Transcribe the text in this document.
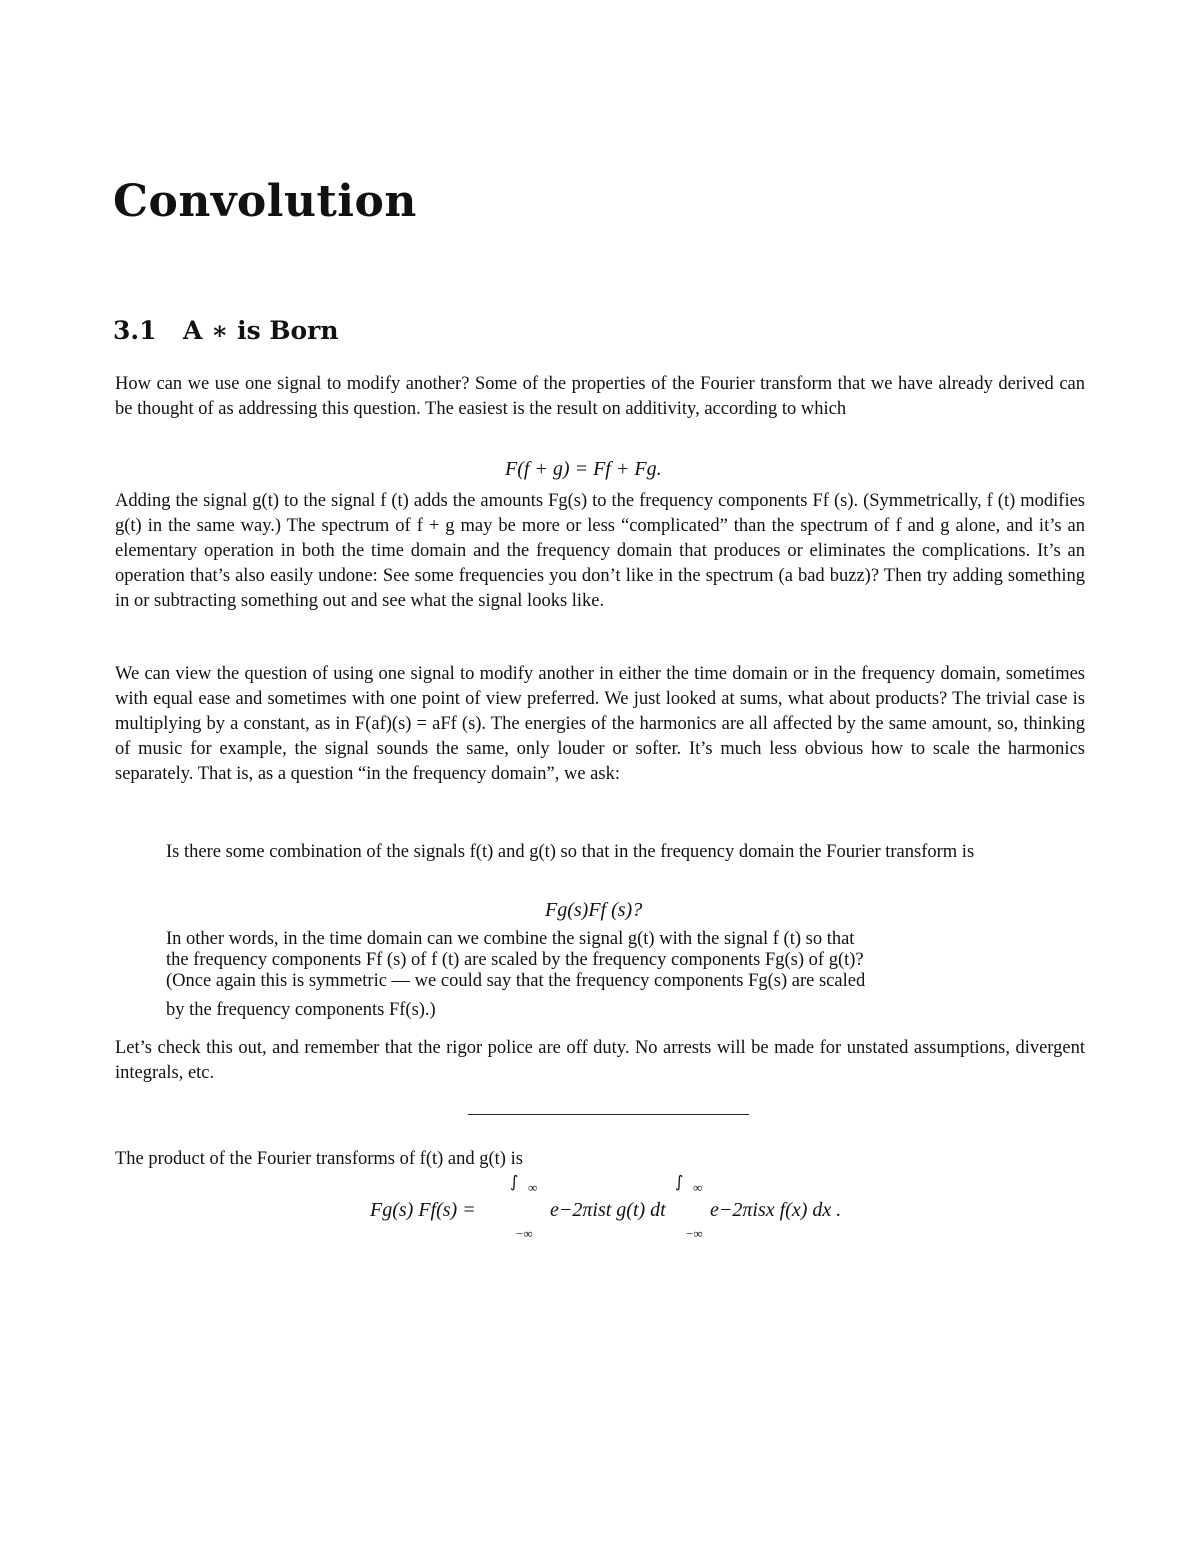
Convolution
3.1 A ∗ is Born

How can we use one signal to modify another? Some of the properties of the Fourier transform that we have already derived can be thought of as addressing this question. The easiest is the result on additivity, according to which

F(f + g) = Ff + Fg.

Adding the signal g(t) to the signal f (t) adds the amounts Fg(s) to the frequency components Ff (s). (Symmetrically, f (t) modifies g(t) in the same way.) The spectrum of f + g may be more or less “complicated” than the spectrum of f and g alone, and it’s an elementary operation in both the time domain and the frequency domain that produces or eliminates the complications. It’s an operation that’s also easily undone: See some frequencies you don’t like in the spectrum (a bad buzz)? Then try adding something in or subtracting something out and see what the signal looks like.

We can view the question of using one signal to modify another in either the time domain or in the frequency domain, sometimes with equal ease and sometimes with one point of view preferred. We just looked at sums, what about products? The trivial case is multiplying by a constant, as in F(af)(s) = aFf (s). The energies of the harmonics are all affected by the same amount, so, thinking of music for example, the signal sounds the same, only louder or softer. It’s much less obvious how to scale the harmonics separately. That is, as a question “in the frequency domain”, we ask:

Is there some combination of the signals f(t) and g(t) so that in the frequency domain the Fourier transform is

Fg(s)Ff (s)?

In other words, in the time domain can we combine the signal g(t) with the signal f (t) so that
the frequency components Ff (s) of f (t) are scaled by the frequency components Fg(s) of g(t)?
(Once again this is symmetric — we could say that the frequency components Fg(s) are scaled
by the frequency components Ff(s).)

Let’s check this out, and remember that the rigor police are off duty. No arrests will be made for unstated assumptions, divergent integrals, etc.

The product of the Fourier transforms of f(t) and g(t) is

Fg(s) Ff(s) =
∫ ∞
−∞
e−2πist g(t) dt
∫ ∞
−∞
e−2πisx f(x) dx .
